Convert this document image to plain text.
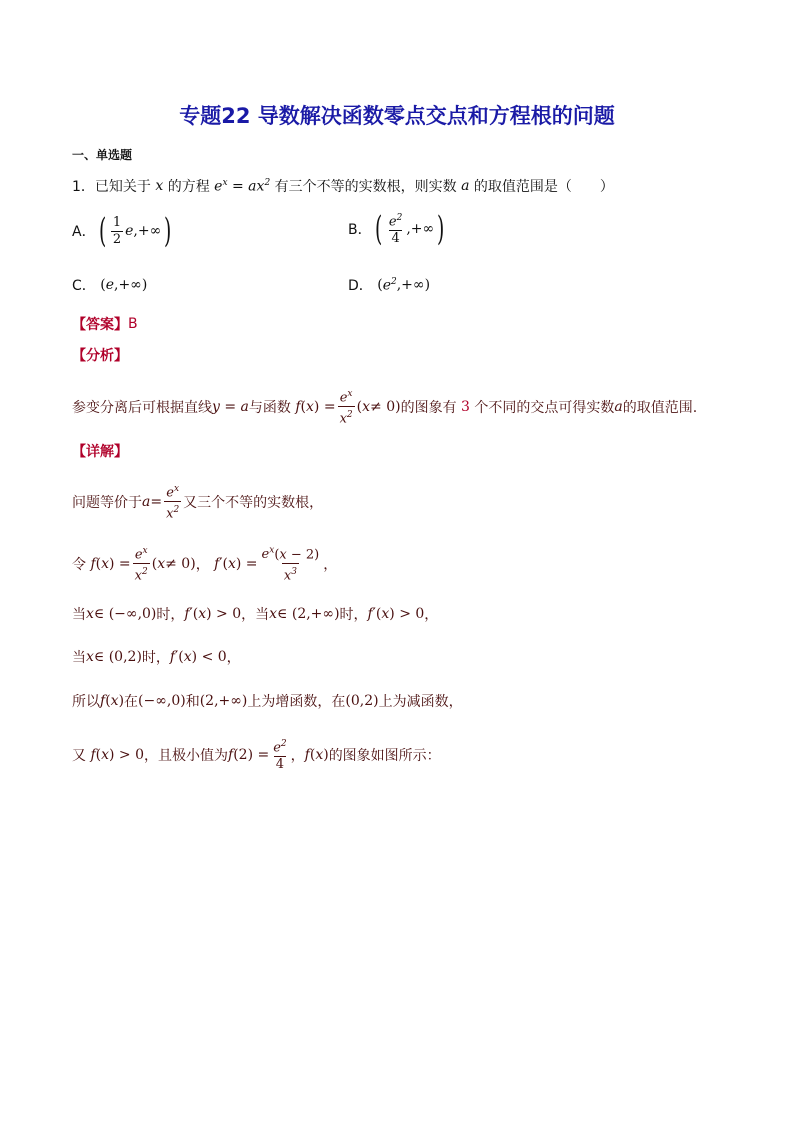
专题22 导数解决函数零点交点和方程根的问题
一、单选题
1． 已知关于 x 的方程 $e^x = ax^2$ 有三个不等的实数根，则实数 a 的取值范围是（　　）
A． ( $\frac{1}{2}$ e ,+∞ )	B． ( $\frac{e^2}{4}$ ,+∞ )
C． ( e ,+∞)	D． ( $e^2$ ,+∞)
【答案】 B
【分析】
参变分离后可根据直线 y = a 与函数 f ( x ) = $\frac{e^x}{x^2}$ ( x ≠ 0) 的图象有 3 个不同的交点可得实数 a 的取值范围.
【详解】
问题等价于 $a = \frac{e^x}{x^2}$ 又三个不等的实数根，
令 f ( x ) = $\frac{e^x}{x^2}$ ( x ≠ 0) ， f ′( x ) = $\frac{e^x(x - 2)}{x^3}$ ，
当 x ∈ (−∞,0) 时， f ′( x ) > 0 ，当 x ∈ (2,+∞) 时， f ′( x ) > 0 ，
当 x ∈ (0,2) 时， f ′( x ) < 0 ，
所以 f ( x ) 在 (−∞,0) 和 (2,+∞) 上为增函数，在 (0,2) 上为减函数，
又 f ( x ) > 0 ，且极小值为 f $(2) = \frac{e^2}{4}$ ， f ( x ) 的图象如图所示：
